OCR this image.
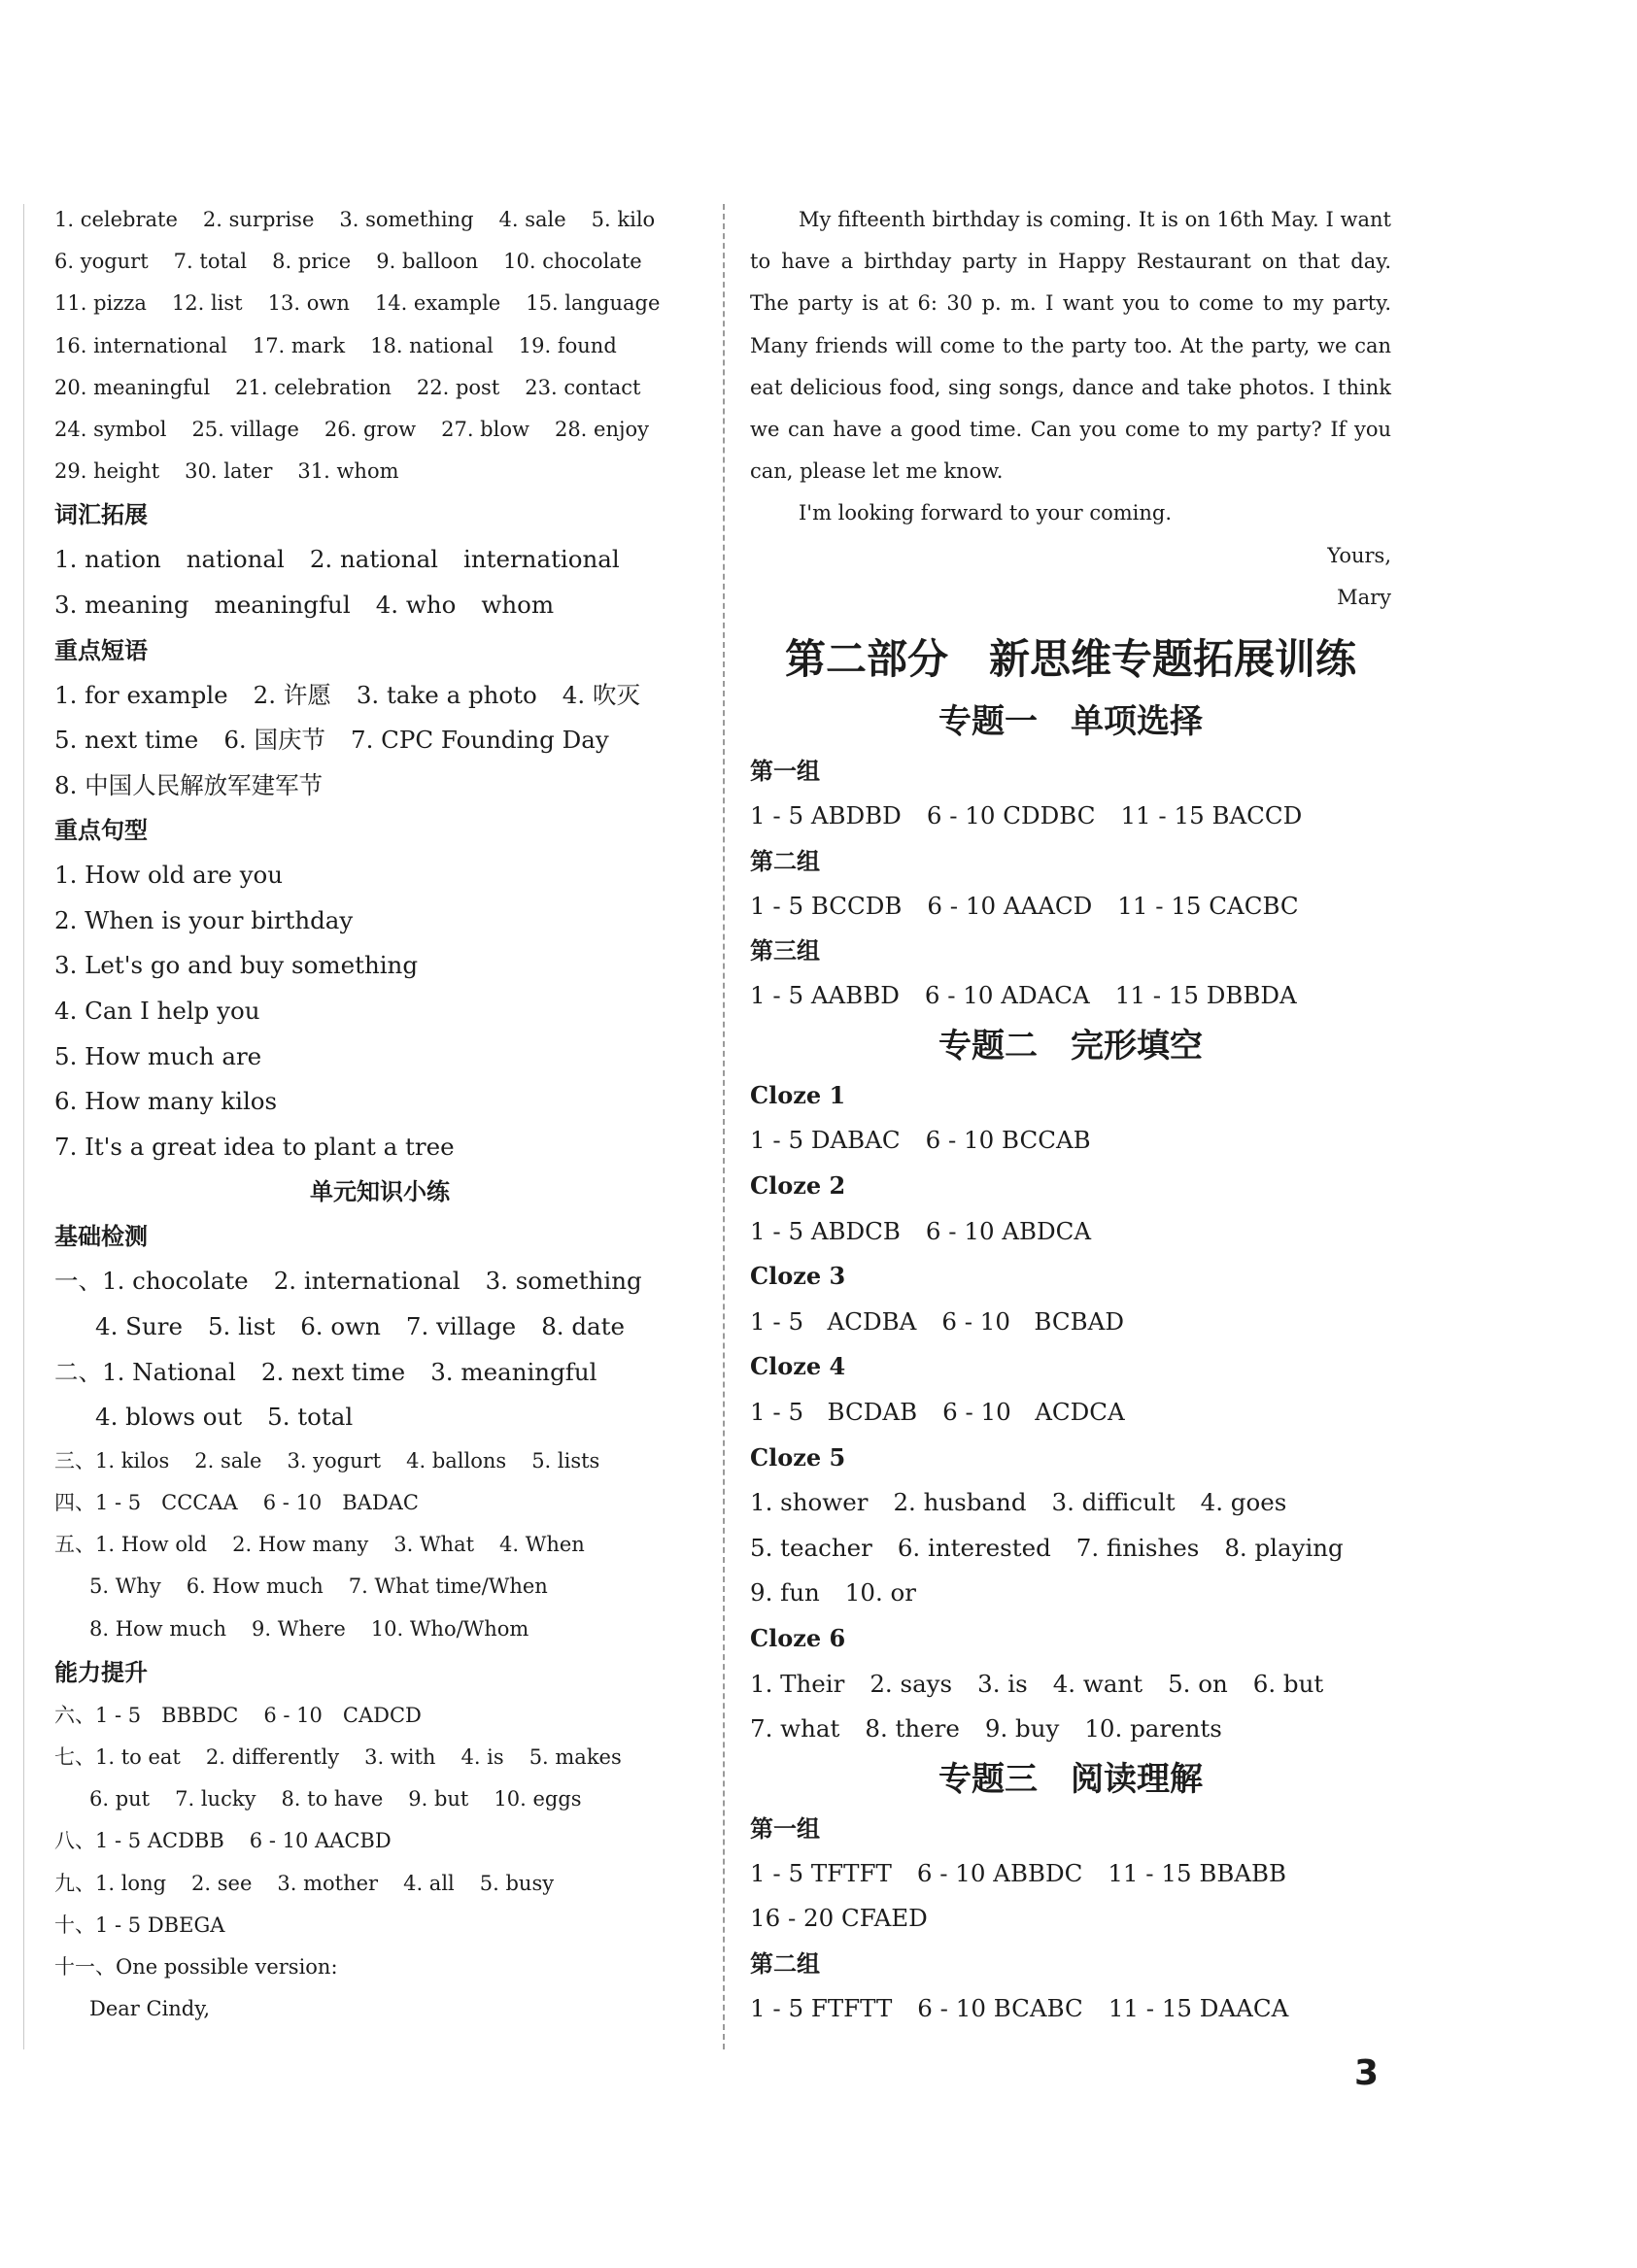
1. celebrate 2. surprise 3. something 4. sale 5. kilo
6. yogurt 7. total 8. price 9. balloon 10. chocolate
11. pizza 12. list 13. own 14. example 15. language
16. international 17. mark 18. national 19. found
20. meaningful 21. celebration 22. post 23. contact
24. symbol 25. village 26. grow 27. blow 28. enjoy
29. height 30. later 31. whom
词汇拓展
1. nation national 2. national international
3. meaning meaningful 4. who whom
重点短语
1. for example 2. 许愿 3. take a photo 4. 吹灭
5. next time 6. 国庆节 7. CPC Founding Day
8. 中国人民解放军建军节
重点句型
1. How old are you
2. When is your birthday
3. Let's go and buy something
4. Can I help you
5. How much are
6. How many kilos
7. It's a great idea to plant a tree
单元知识小练
基础检测
一、1. chocolate 2. international 3. something
4. Sure 5. list 6. own 7. village 8. date
二、1. National 2. next time 3. meaningful
4. blows out 5. total
三、1. kilos 2. sale 3. yogurt 4. ballons 5. lists
四、1 - 5　CCCAA 6 - 10　BADAC
五、1. How old 2. How many 3. What 4. When
5. Why 6. How much 7. What time/When
8. How much 9. Where 10. Who/Whom
能力提升
六、1 - 5　BBBDC 6 - 10　CADCD
七、1. to eat 2. differently 3. with 4. is 5. makes
6. put 7. lucky 8. to have 9. but 10. eggs
八、1 - 5 ACDBB 6 - 10 AACBD
九、1. long 2. see 3. mother 4. all 5. busy
十、1 - 5 DBEGA
十一、One possible version:
Dear Cindy,

My fifteenth birthday is coming. It is on 16th May. I want to have a birthday party in Happy Restaurant on that day. The party is at 6: 30 p. m. I want you to come to my party. Many friends will come to the party too. At the party, we can eat delicious food, sing songs, dance and take photos. I think we can have a good time. Can you come to my party? If you can, please let me know.

I'm looking forward to your coming.

Yours,

Mary

第二部分　新思维专题拓展训练
专题一　单项选择
第一组
1 - 5 ABDBD 6 - 10 CDDBC 11 - 15 BACCD
第二组
1 - 5 BCCDB 6 - 10 AAACD 11 - 15 CACBC
第三组
1 - 5 AABBD 6 - 10 ADACA 11 - 15 DBBDA
专题二　完形填空
Cloze 1
1 - 5 DABAC 6 - 10 BCCAB
Cloze 2
1 - 5 ABDCB 6 - 10 ABDCA
Cloze 3
1 - 5　ACDBA 6 - 10　BCBAD
Cloze 4
1 - 5　BCDAB 6 - 10　ACDCA
Cloze 5
1. shower 2. husband 3. difficult 4. goes
5. teacher 6. interested 7. finishes 8. playing
9. fun 10. or
Cloze 6
1. Their 2. says 3. is 4. want 5. on 6. but
7. what 8. there 9. buy 10. parents
专题三　阅读理解
第一组
1 - 5 TFTFT 6 - 10 ABBDC 11 - 15 BBABB
16 - 20 CFAED
第二组
1 - 5 FTFTT 6 - 10 BCABC 11 - 15 DAACA
3
